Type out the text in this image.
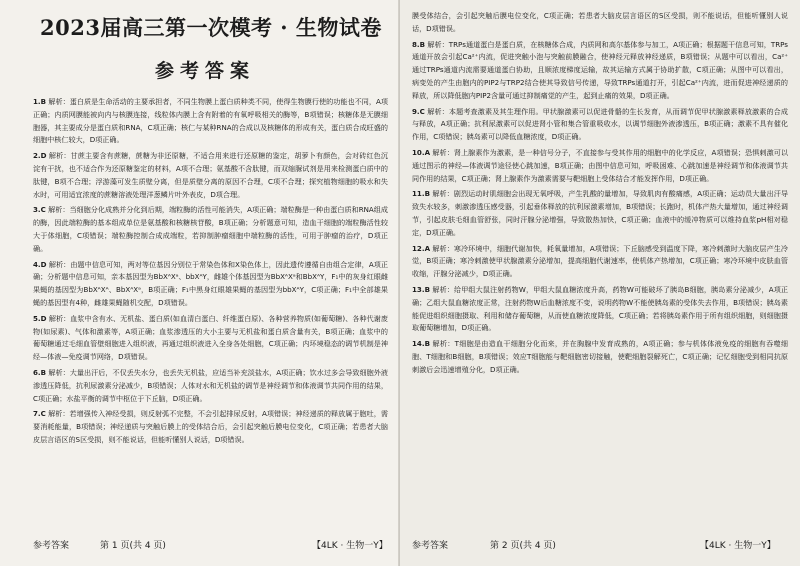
2023届高三第一次模考 · 生物试卷
参考答案

1.B 解析：蛋白质是生命活动的主要承担者，不同生物膜上蛋白质种类不同，使得生物膜行使的功能也不同，A项正确；内质网膜能被向内与核膜连接，线粒体内膜上含有附着的有氧呼吸相关的酶等，B项错误；核糖体是无膜细胞器，其主要成分是蛋白质和RNA，C项正确；核仁与某种RNA的合成以及核糖体的形成有关，蛋白质合成旺盛的细胞中核仁较大，D项正确。

2.D 解析：甘蔗主要含有蔗糖，蔗糖为非还原糖，不适合用来进行还原糖的鉴定，胡萝卜有颜色，会对砖红色沉淀有干扰，也不适合作为还原糖鉴定的材料，A项不合理；氨基酸不含肽键，而双缩脲试剂是用来检测蛋白质中的肽键，B项不合理；浮游藻可发生质壁分离，但是质壁分离的原因不合理，C项不合理；探究植物细胞的吸水和失水时，可用适宜浓度的蔗糖溶液处理洋葱鳞片叶外表皮，D项合理。

3.C 解析：当细胞分化成熟并分化到后期，端粒酶的活性可能消失，A项正确；端粒酶是一种由蛋白质和RNA组成的酶，因此端粒酶的基本组成单位是氨基酸和核糖核苷酸，B项正确；分析题意可知，造血干细胞的端粒酶活性较大于体细胞，C项错误；端粒酶控制合成成端粒，若抑制肿瘤细胞中端粒酶的活性，可用于肿瘤的治疗，D项正确。

4.D 解析：由题中信息可知，两对等位基因分别位于常染色体和X染色体上，因此遗传遵循自由组合定律，A项正确；分析题中信息可知，亲本基因型为BbXᴬXᵃ、bbXᴬY，雌雄个体基因型为BbXᴬXᵃ和BbXᴬY，F₁中的灰身红眼雌果蝇的基因型为BbXᴬXᴬ、BbXᴬXᵃ，B项正确；F₁中黑身红眼雄果蝇的基因型为bbXᴬY，C项正确；F₁中全部雄果蝇的基因型有4种，雌雄果蝇随机交配，D项错误。

5.D 解析：血浆中含有水、无机盐、蛋白质(如血清白蛋白、纤维蛋白原)、各种营养物质(如葡萄糖)、各种代谢废物(如尿素)、气体和激素等，A项正确；血浆渗透压的大小主要与无机盐和蛋白质含量有关，B项正确；血浆中的葡萄糖通过毛细血管壁细胞进入组织液，再通过组织液进入全身各处细胞，C项正确；内环境稳态的调节机制是神经—体液—免疫调节网络，D项错误。

6.B 解析：大量出汗后，不仅丢失水分，也丢失无机盐，应适当补充淡盐水，A项正确；饮水过多会导致细胞外液渗透压降低，抗利尿激素分泌减少，B项错误；人体对水和无机盐的调节是神经调节和体液调节共同作用的结果，C项正确；水盐平衡的调节中枢位于下丘脑，D项正确。

7.C 解析：若增强传入神经受损，则反射弧不完整，不会引起排尿反射，A项错误；神经递质的释放属于胞吐，需要消耗能量，B项错误；神经递质与突触后膜上的受体结合后，会引起突触后膜电位变化，C项正确；若患者大脑皮层言语区的S区受损，则不能说话，但能听懂别人说话，D项错误。

参考答案	第 1 页(共 4 页)	【4LK · 生物一Y】

膜受体结合，会引起突触后膜电位变化，C项正确；若患者大脑皮层言语区的S区受损，则不能说话，但能听懂别人说话，D项错误。

8.B 解析：TRPs通道蛋白是蛋白质，在核糖体合成，内质网和高尔基体参与加工，A项正确；根据题干信息可知，TRPs通道开放会引起Ca²⁺内流，促进突触小泡与突触前膜融合，使神经元释放神经递质，B项错误；从题中可以看出，Ca²⁺通过TRPs通道内流需要通道蛋白协助，且顺浓度梯度运输，故其运输方式属于协助扩散，C项正确；从图中可以看出，病变处的产生由胞内的PIP2与TRP2结合使其导致信号传递，导致TRPs通道打开，引起Ca²⁺内流，进而促进神经递质的释放，所以降低胞内PIP2含量可通过抑制痛觉的产生，起到止痛的效果，D项正确。

9.C 解析：本题考查激素及其生理作用。甲状腺激素可以促进骨骼的生长发育，从而调节促甲状腺激素释放激素的合成与释放，A项正确；抗利尿激素可以促进肾小管和集合管重吸收水，以调节细胞外液渗透压，B项正确；激素不具有催化作用，C项错误；胰岛素可以降低血糖浓度，D项正确。

10.A 解析：肾上腺素作为激素，是一种信号分子，不直接参与受其作用的细胞中的化学反应，A项错误；恐惧刺激可以通过图示的神经—体液调节途径使心跳加速，B项正确；由图中信息可知，呼吸困难、心跳加速是神经调节和体液调节共同作用的结果，C项正确；肾上腺素作为激素需要与靶细胞上受体结合才能发挥作用，D项正确。

11.B 解析：剧烈运动时肌细胞会出现无氧呼吸，产生乳酸的量增加，导致肌肉有酸痛感，A项正确；运动员大量出汗导致失水较多，刺激渗透压感受器，引起垂体释放的抗利尿激素增加，B项错误；长跑时，机体产热大量增加，通过神经调节，引起皮肤毛细血管舒张，同时汗腺分泌增强，导致散热加快，C项正确；血液中的缓冲物质可以维持血浆pH相对稳定，D项正确。

12.A 解析：寒冷环境中，细胞代谢加快，耗氧量增加，A项错误；下丘脑感受到温度下降，寒冷刺激时大脑皮层产生冷觉，B项正确；寒冷刺激使甲状腺激素分泌增加，提高细胞代谢速率，使机体产热增加，C项正确；寒冷环境中皮肤血管收缩，汗腺分泌减少，D项正确。

13.B 解析：给甲组大鼠注射药物W，甲组大鼠血糖浓度升高，药物W可能破坏了胰岛B细胞，胰岛素分泌减少，A项正确；乙组大鼠血糖浓度正常，注射药物W后血糖浓度不变，说明药物W不能使胰岛素的受体失去作用，B项错误；胰岛素能促进组织细胞摄取、利用和储存葡萄糖，从而使血糖浓度降低，C项正确；若将胰岛素作用于所有组织细胞，则细胞摄取葡萄糖增加，D项正确。

14.B 解析：T细胞是由造血干细胞分化而来，并在胸腺中发育成熟的，A项正确；参与机体体液免疫的细胞有吞噬细胞、T细胞和B细胞，B项错误；效应T细胞能与靶细胞密切接触，使靶细胞裂解死亡，C项正确；记忆细胞受到相同抗原刺激后会迅速增殖分化，D项正确。

参考答案	第 2 页(共 4 页)	【4LK · 生物一Y】
